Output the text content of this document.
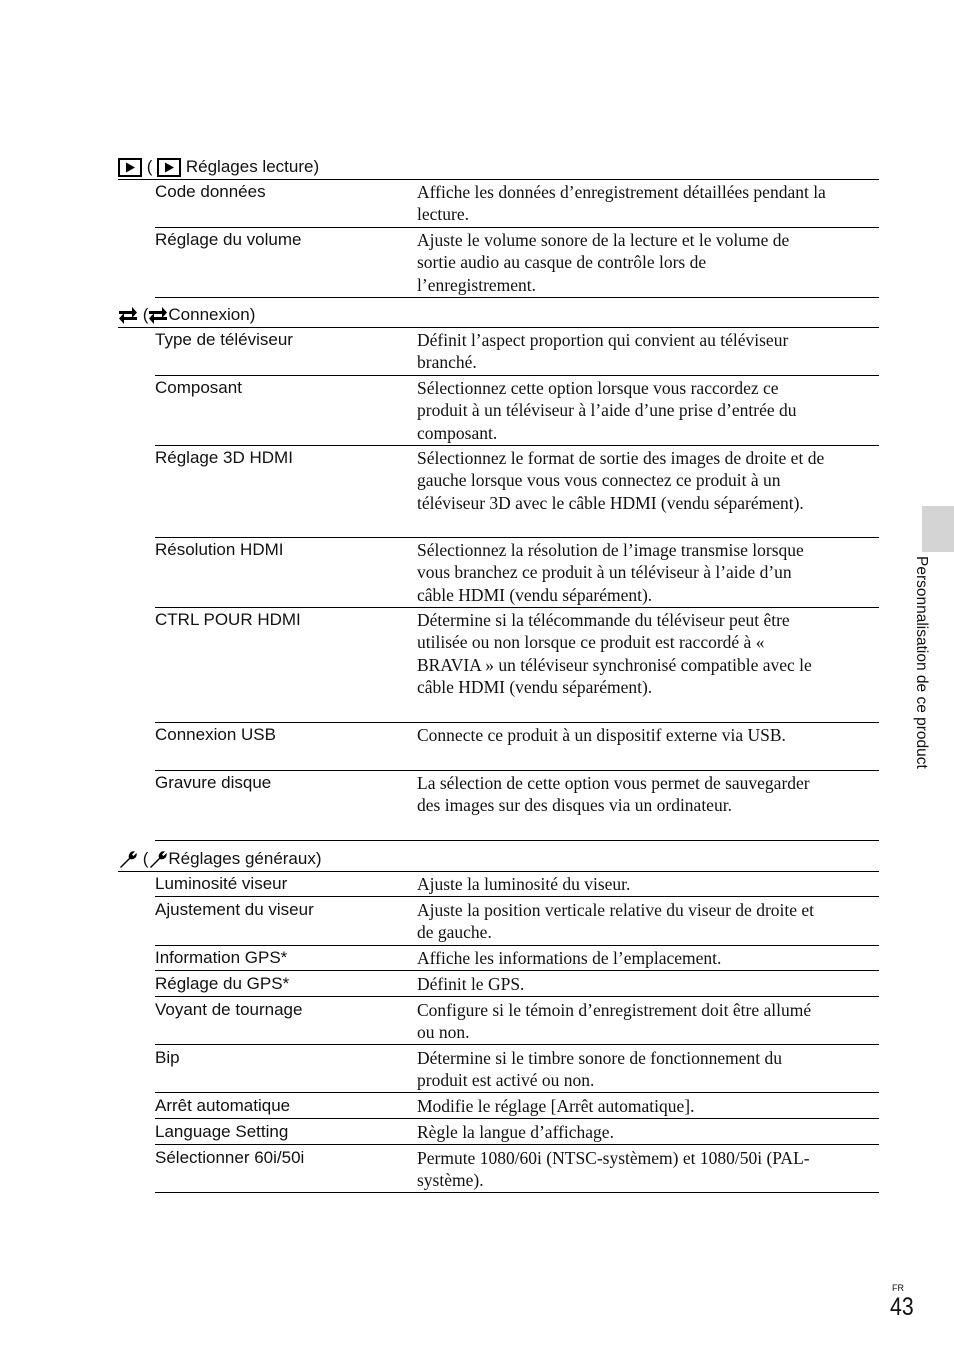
( Réglages lecture)
Code données	Affiche les données d’enregistrement détaillées pendant la lecture.
Réglage du volume	Ajuste le volume sonore de la lecture et le volume de sortie audio au casque de contrôle lors de l’enregistrement.
( Connexion)
Type de téléviseur	Définit l’aspect proportion qui convient au téléviseur branché.
Composant	Sélectionnez cette option lorsque vous raccordez ce produit à un téléviseur à l’aide d’une prise d’entrée du composant.
Réglage 3D HDMI	Sélectionnez le format de sortie des images de droite et de gauche lorsque vous vous connectez ce produit à un téléviseur 3D avec le câble HDMI (vendu séparément).
Résolution HDMI	Sélectionnez la résolution de l’image transmise lorsque vous branchez ce produit à un téléviseur à l’aide d’un câble HDMI (vendu séparément).
CTRL POUR HDMI	Détermine si la télécommande du téléviseur peut être utilisée ou non lorsque ce produit est raccordé à « BRAVIA » un téléviseur synchronisé compatible avec le câble HDMI (vendu séparément).
Connexion USB	Connecte ce produit à un dispositif externe via USB.
Gravure disque	La sélection de cette option vous permet de sauvegarder des images sur des disques via un ordinateur.
( Réglages généraux)
Luminosité viseur	Ajuste la luminosité du viseur.
Ajustement du viseur	Ajuste la position verticale relative du viseur de droite et de gauche.
Information GPS*	Affiche les informations de l’emplacement.
Réglage du GPS*	Définit le GPS.
Voyant de tournage	Configure si le témoin d’enregistrement doit être allumé ou non.
Bip	Détermine si le timbre sonore de fonctionnement du produit est activé ou non.
Arrêt automatique	Modifie le réglage [Arrêt automatique].
Language Setting	Règle la langue d’affichage.
Sélectionner 60i/50i	Permute 1080/60i (NTSC-systèmem) et 1080/50i (PAL-système).
Personnalisation de ce product
FR
43
